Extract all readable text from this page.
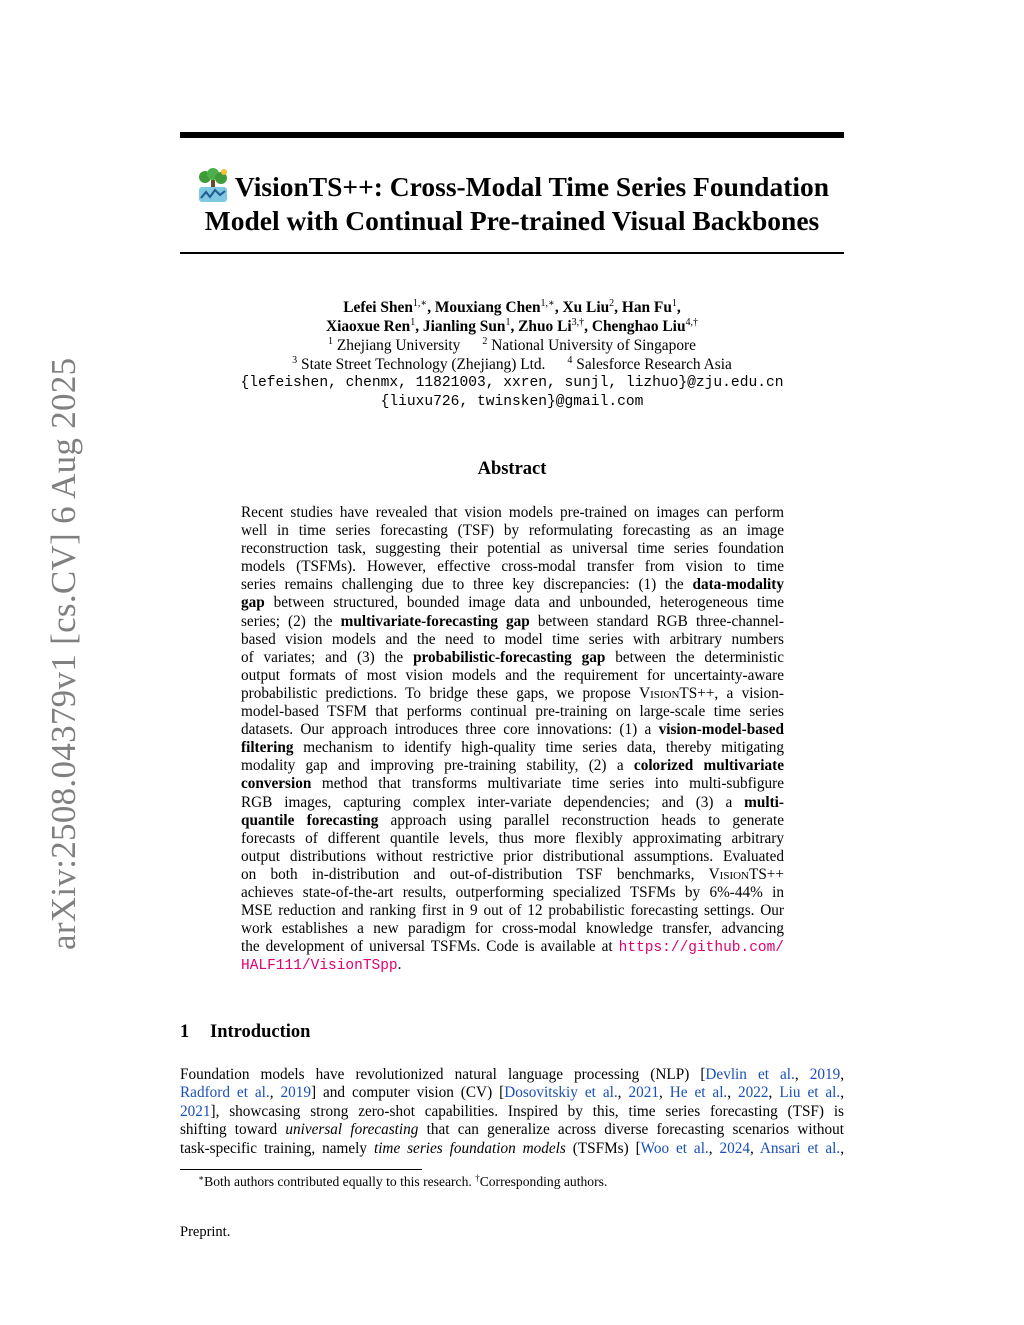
arXiv:2508.04379v1 [cs.CV] 6 Aug 2025
VisionTS++: Cross-Modal Time Series Foundation
Model with Continual Pre-trained Visual Backbones
Lefei Shen$^{1,∗}$, Mouxiang Chen$^{1,∗}$, Xu Liu$^2$, Han Fu$^1$,
Xiaoxue Ren$^1$, Jianling Sun$^1$, Zhuo $Li^{3,\dagger}$, Chenghao Liu$^{4,\dagger}$
$^1$ Zhejiang University $^2$ National University of Singapore
$^3$ State Street Technology (Zhejiang) Ltd. $^4$ Salesforce Research Asia
{lefeishen, chenmx, 11821003, xxren, sunjl, lizhuo}@zju.edu.cn
{liuxu726, twinsken}@gmail.com
Abstract
Recent studies have revealed that vision models pre-trained on images can perform
well in time series forecasting (TSF) by reformulating forecasting as an image
reconstruction task, suggesting their potential as universal time series foundation
models (TSFMs). However, effective cross-modal transfer from vision to time
series remains challenging due to three key discrepancies: (1) the data-modality
gap between structured, bounded image data and unbounded, heterogeneous time
series; (2) the multivariate-forecasting gap between standard RGB three-channel-
based vision models and the need to model time series with arbitrary numbers
of variates; and (3) the probabilistic-forecasting gap between the deterministic
output formats of most vision models and the requirement for uncertainty-aware
probabilistic predictions. To bridge these gaps, we propose VisionTS++, a vision-
model-based TSFM that performs continual pre-training on large-scale time series
datasets. Our approach introduces three core innovations: (1) a vision-model-based
filtering mechanism to identify high-quality time series data, thereby mitigating
modality gap and improving pre-training stability, (2) a colorized multivariate
conversion method that transforms multivariate time series into multi-subfigure
RGB images, capturing complex inter-variate dependencies; and (3) a multi-
quantile forecasting approach using parallel reconstruction heads to generate
forecasts of different quantile levels, thus more flexibly approximating arbitrary
output distributions without restrictive prior distributional assumptions. Evaluated
on both in-distribution and out-of-distribution TSF benchmarks, VisionTS++
achieves state-of-the-art results, outperforming specialized TSFMs by 6%-44% in
MSE reduction and ranking first in 9 out of 12 probabilistic forecasting settings. Our
work establishes a new paradigm for cross-modal knowledge transfer, advancing
the development of universal TSFMs. Code is available at https://github.com/
HALF111/VisionTSpp.
1 Introduction
Foundation models have revolutionized natural language processing (NLP) [Devlin et al., 2019,
Radford et al., 2019] and computer vision (CV) [Dosovitskiy et al., 2021, He et al., 2022, Liu et al.,
2021], showcasing strong zero-shot capabilities. Inspired by this, time series forecasting (TSF) is
shifting toward universal forecasting that can generalize across diverse forecasting scenarios without
task-specific training, namely time series foundation models (TSFMs) [Woo et al., 2024, Ansari et al.,
∗Both authors contributed equally to this research. †Corresponding authors.
Preprint.
